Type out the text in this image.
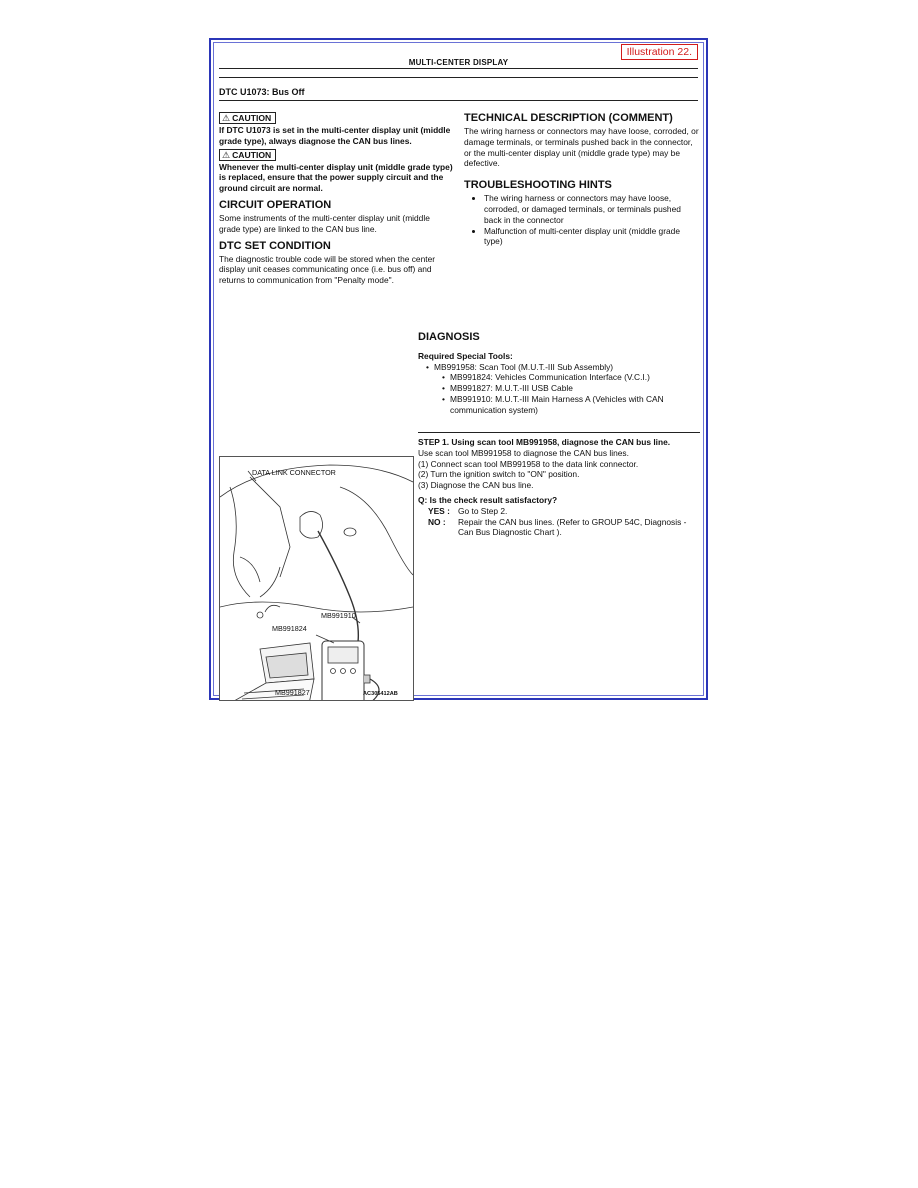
MULTI-CENTER DISPLAY
Illustration 22.
DTC U1073: Bus Off
⚠ CAUTION

If DTC U1073 is set in the multi-center display unit (middle grade type), always diagnose the CAN bus lines.

⚠ CAUTION

Whenever the multi-center display unit (middle grade type) is replaced, ensure that the power supply circuit and the ground circuit are normal.

CIRCUIT OPERATION

Some instruments of the multi-center display unit (middle grade type) are linked to the CAN bus line.

DTC SET CONDITION

The diagnostic trouble code will be stored when the center display unit ceases communicating once (i.e. bus off) and returns to communication from "Penalty mode".

TECHNICAL DESCRIPTION (COMMENT)

The wiring harness or connectors may have loose, corroded, or damage terminals, or terminals pushed back in the connector, or the multi-center display unit (middle grade type) may be defective.

TROUBLESHOOTING HINTS
• The wiring harness or connectors may have loose, corroded, or damaged terminals, or terminals pushed back in the connector
• Malfunction of multi-center display unit (middle grade type)
DIAGNOSIS
Required Special Tools:
• MB991958: Scan Tool (M.U.T.-III Sub Assembly)
• MB991824: Vehicles Communication Interface (V.C.I.)
• MB991827: M.U.T.-III USB Cable
• MB991910: M.U.T.-III Main Harness A (Vehicles with CAN communication system)
STEP 1. Using scan tool MB991958, diagnose the CAN bus line.

Use scan tool MB991958 to diagnose the CAN bus lines.

(1) Connect scan tool MB991958 to the data link connector.

(2) Turn the ignition switch to "ON" position.

(3) Diagnose the CAN bus line.

Q: Is the check result satisfactory?
YES : Go to Step 2.
NO :	Repair the CAN bus lines. (Refer to GROUP 54C, Diagnosis - Can Bus Diagnostic Chart ).
DATA LINK CONNECTOR
MB991910
MB991824
MB991827	AC305412AB
